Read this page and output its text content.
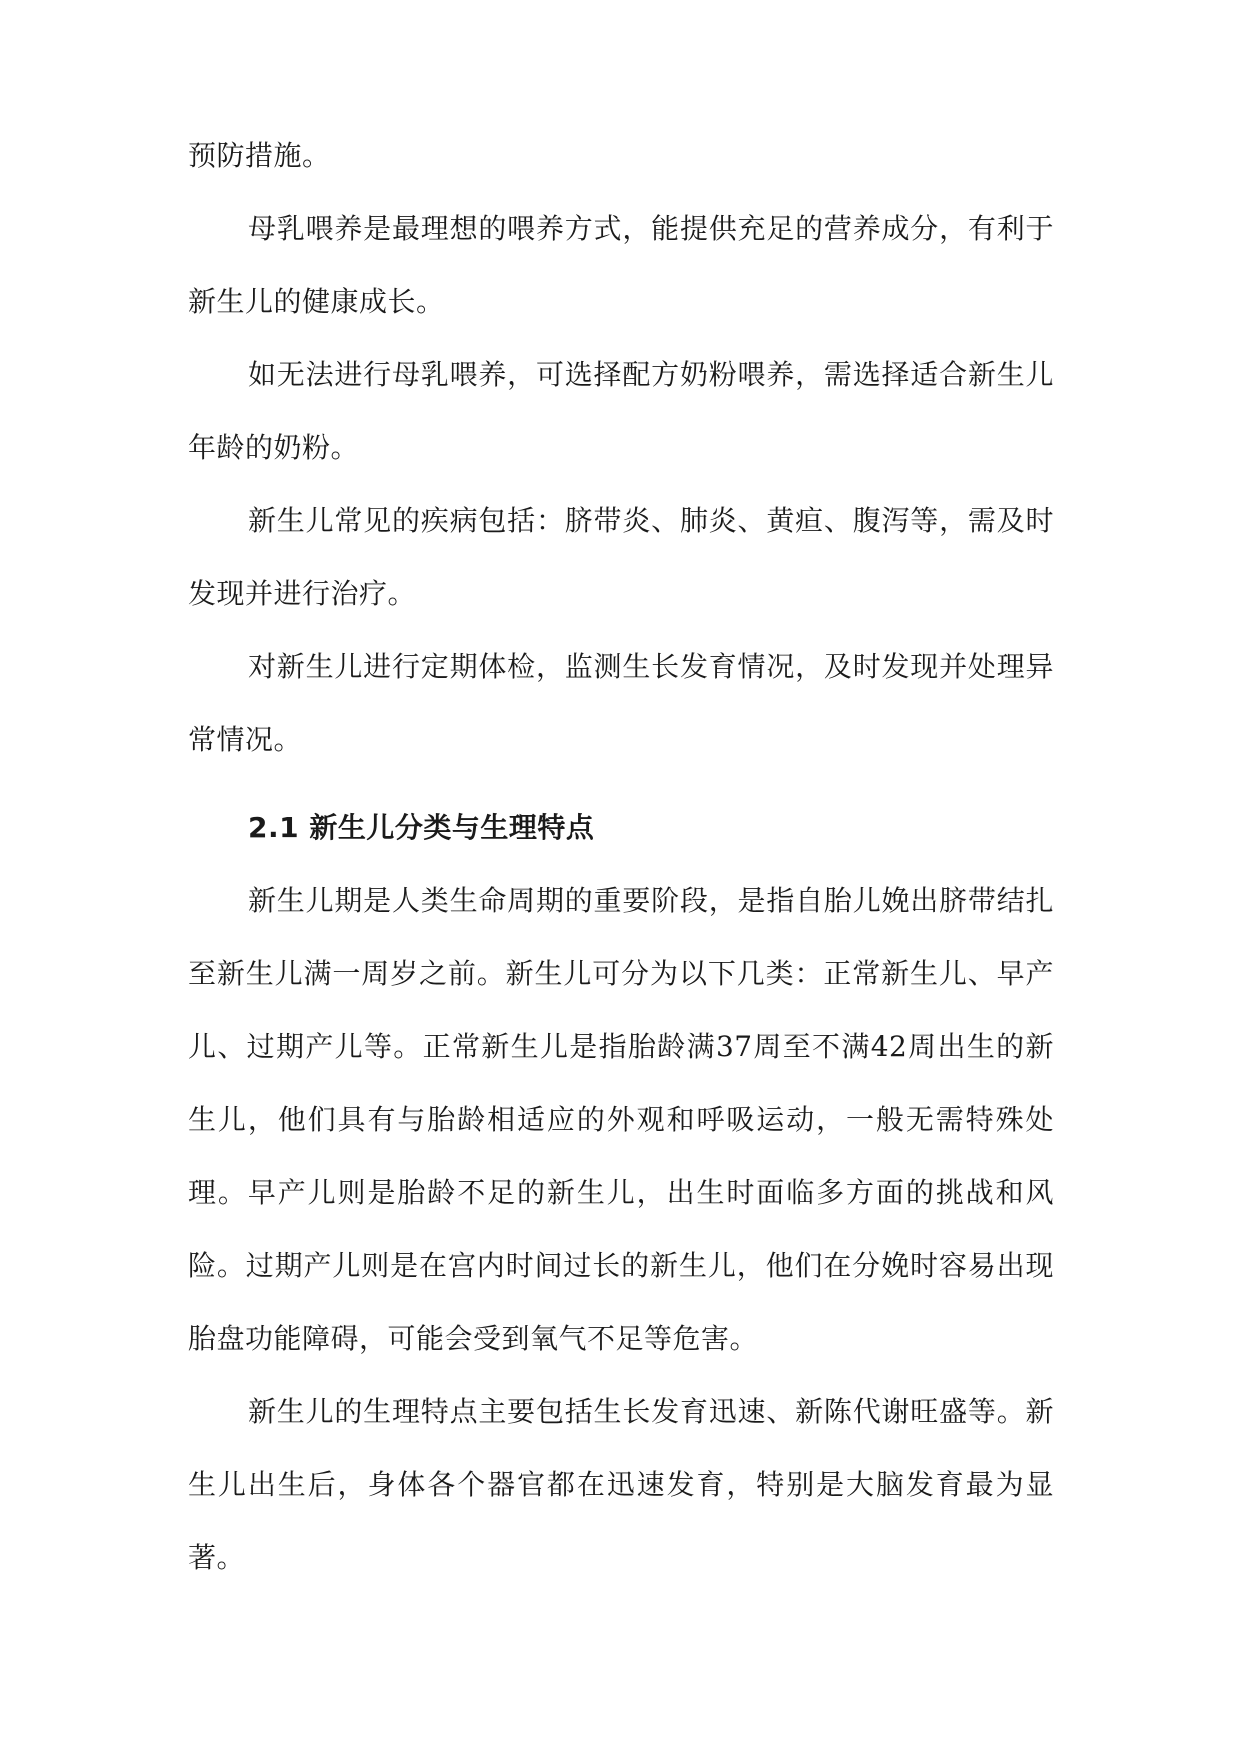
预防措施。

母乳喂养是最理想的喂养方式，能提供充足的营养成分，有利于新生儿的健康成长。

如无法进行母乳喂养，可选择配方奶粉喂养，需选择适合新生儿年龄的奶粉。

新生儿常见的疾病包括：脐带炎、肺炎、黄疸、腹泻等，需及时发现并进行治疗。

对新生儿进行定期体检，监测生长发育情况，及时发现并处理异常情况。

2.1 新生儿分类与生理特点

新生儿期是人类生命周期的重要阶段，是指自胎儿娩出脐带结扎至新生儿满一周岁之前。新生儿可分为以下几类：正常新生儿、早产儿、过期产儿等。正常新生儿是指胎龄满37周至不满42周出生的新生儿，他们具有与胎龄相适应的外观和呼吸运动，一般无需特殊处理。早产儿则是胎龄不足的新生儿，出生时面临多方面的挑战和风险。过期产儿则是在宫内时间过长的新生儿，他们在分娩时容易出现胎盘功能障碍，可能会受到氧气不足等危害。

新生儿的生理特点主要包括生长发育迅速、新陈代谢旺盛等。新生儿出生后，身体各个器官都在迅速发育，特别是大脑发育最为显著。
